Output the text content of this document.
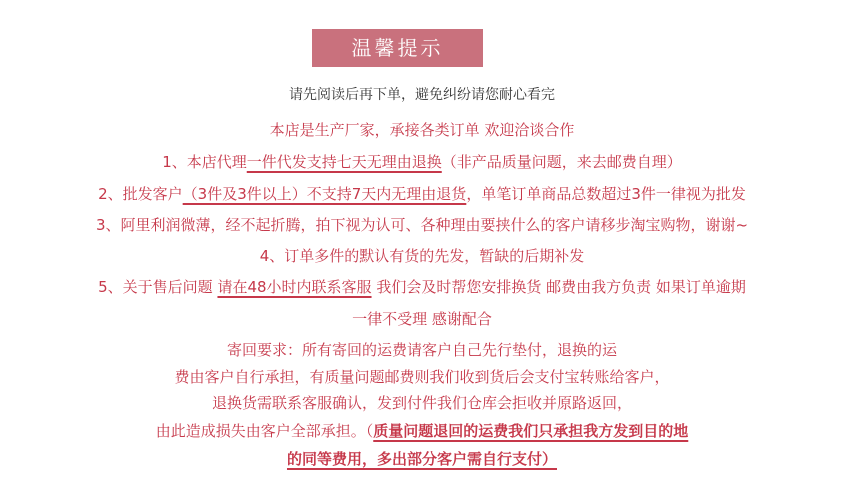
温馨提示
请先阅读后再下单，避免纠纷请您耐心看完
本店是生产厂家，承接各类订单 欢迎洽谈合作
1、本店代理一件代发支持七天无理由退换（非产品质量问题，来去邮费自理）
2、批发客户（3件及3件以上）不支持7天内无理由退货，单笔订单商品总数超过3件一律视为批发
3、阿里利润微薄，经不起折腾，拍下视为认可、各种理由要挟什么的客户请移步淘宝购物，谢谢~
4、订单多件的默认有货的先发，暂缺的后期补发
5、关于售后问题 请在48小时内联系客服 我们会及时帮您安排换货 邮费由我方负责 如果订单逾期
一律不受理 感谢配合
寄回要求：所有寄回的运费请客户自己先行垫付，退换的运
费由客户自行承担，有质量问题邮费则我们收到货后会支付宝转账给客户，
退换货需联系客服确认，发到付件我们仓库会拒收并原路返回，
由此造成损失由客户全部承担。（质量问题退回的运费我们只承担我方发到目的地
的同等费用，多出部分客户需自行支付）
